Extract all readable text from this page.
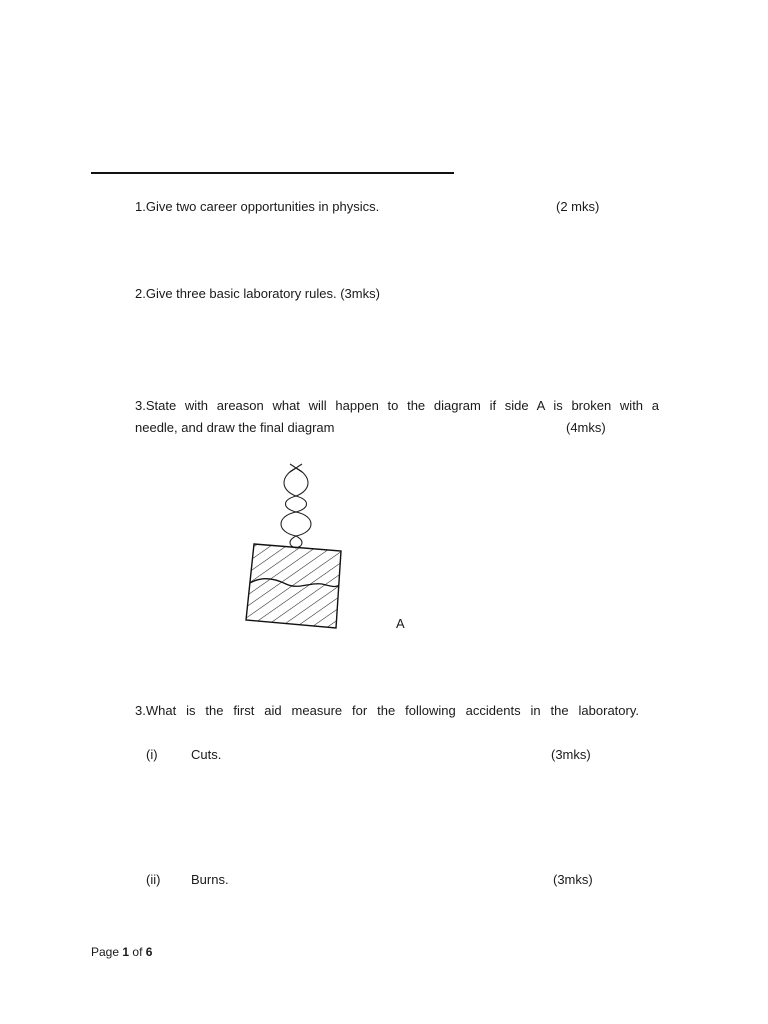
1.Give two career opportunities in physics.	(2 mks)
2.Give three basic laboratory rules. (3mks)
3.State with areason what will happen to the diagram if side A is broken with a
needle, and draw the final diagram	(4mks)
A
3.What is the first aid measure for the following accidents in the laboratory.
(i)	Cuts.	(3mks)
(ii) Burns.	(3mks)
Page 1 of 6
